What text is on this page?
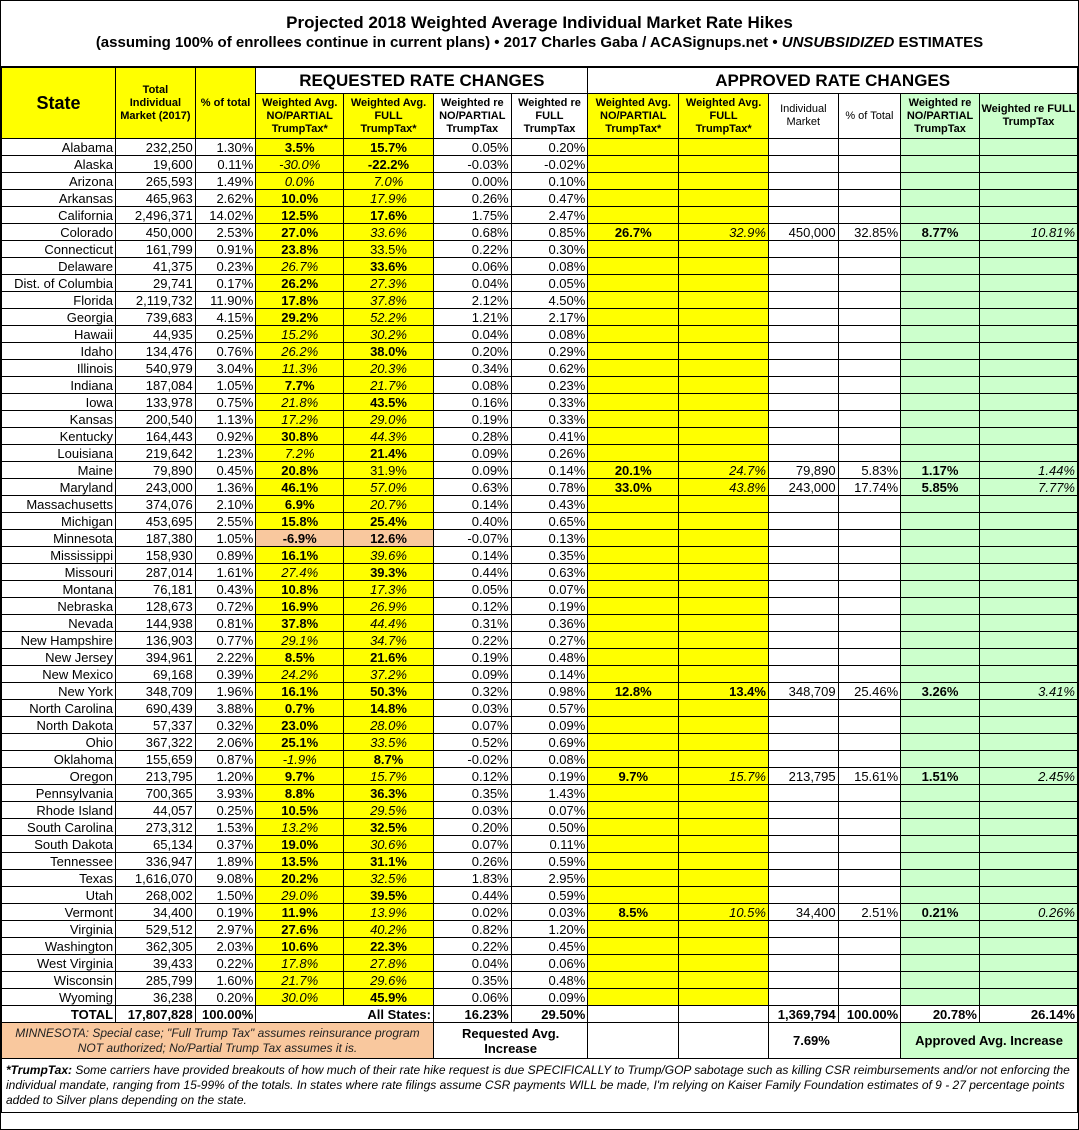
Projected 2018 Weighted Average Individual Market Rate Hikes
(assuming 100% of enrollees continue in current plans) • 2017 Charles Gaba / ACASignups.net • UNSUBSIDIZED ESTIMATES
State	Total Individual Market (2017)	% of total	REQUESTED RATE CHANGES				APPROVED RATE CHANGES					
			Weighted Avg. NO/PARTIAL TrumpTax*	Weighted Avg. FULL TrumpTax*	Weighted re NO/PARTIAL TrumpTax	Weighted re FULL TrumpTax	Weighted Avg. NO/PARTIAL TrumpTax*	Weighted Avg. FULL TrumpTax*	Individual Market	% of Total	Weighted re NO/PARTIAL TrumpTax	Weighted re FULL TrumpTax
Alabama	232,250	1.30%	3.5%	15.7%	0.05%	0.20%						
Alaska	19,600	0.11%	-30.0%	-22.2%	-0.03%	-0.02%						
Arizona	265,593	1.49%	0.0%	7.0%	0.00%	0.10%						
Arkansas	465,963	2.62%	10.0%	17.9%	0.26%	0.47%						
California	2,496,371	14.02%	12.5%	17.6%	1.75%	2.47%						
Colorado	450,000	2.53%	27.0%	33.6%	0.68%	0.85%	26.7%	32.9%	450,000	32.85%	8.77%	10.81%
Connecticut	161,799	0.91%	23.8%	33.5%	0.22%	0.30%						
Delaware	41,375	0.23%	26.7%	33.6%	0.06%	0.08%						
Dist. of Columbia	29,741	0.17%	26.2%	27.3%	0.04%	0.05%						
Florida	2,119,732	11.90%	17.8%	37.8%	2.12%	4.50%						
Georgia	739,683	4.15%	29.2%	52.2%	1.21%	2.17%						
Hawaii	44,935	0.25%	15.2%	30.2%	0.04%	0.08%						
Idaho	134,476	0.76%	26.2%	38.0%	0.20%	0.29%						
Illinois	540,979	3.04%	11.3%	20.3%	0.34%	0.62%						
Indiana	187,084	1.05%	7.7%	21.7%	0.08%	0.23%						
Iowa	133,978	0.75%	21.8%	43.5%	0.16%	0.33%						
Kansas	200,540	1.13%	17.2%	29.0%	0.19%	0.33%						
Kentucky	164,443	0.92%	30.8%	44.3%	0.28%	0.41%						
Louisiana	219,642	1.23%	7.2%	21.4%	0.09%	0.26%						
Maine	79,890	0.45%	20.8%	31.9%	0.09%	0.14%	20.1%	24.7%	79,890	5.83%	1.17%	1.44%
Maryland	243,000	1.36%	46.1%	57.0%	0.63%	0.78%	33.0%	43.8%	243,000	17.74%	5.85%	7.77%
Massachusetts	374,076	2.10%	6.9%	20.7%	0.14%	0.43%						
Michigan	453,695	2.55%	15.8%	25.4%	0.40%	0.65%						
Minnesota	187,380	1.05%	-6.9%	12.6%	-0.07%	0.13%						
Mississippi	158,930	0.89%	16.1%	39.6%	0.14%	0.35%						
Missouri	287,014	1.61%	27.4%	39.3%	0.44%	0.63%						
Montana	76,181	0.43%	10.8%	17.3%	0.05%	0.07%						
Nebraska	128,673	0.72%	16.9%	26.9%	0.12%	0.19%						
Nevada	144,938	0.81%	37.8%	44.4%	0.31%	0.36%						
New Hampshire	136,903	0.77%	29.1%	34.7%	0.22%	0.27%						
New Jersey	394,961	2.22%	8.5%	21.6%	0.19%	0.48%						
New Mexico	69,168	0.39%	24.2%	37.2%	0.09%	0.14%						
New York	348,709	1.96%	16.1%	50.3%	0.32%	0.98%	12.8%	13.4%	348,709	25.46%	3.26%	3.41%
North Carolina	690,439	3.88%	0.7%	14.8%	0.03%	0.57%						
North Dakota	57,337	0.32%	23.0%	28.0%	0.07%	0.09%						
Ohio	367,322	2.06%	25.1%	33.5%	0.52%	0.69%						
Oklahoma	155,659	0.87%	-1.9%	8.7%	-0.02%	0.08%						
Oregon	213,795	1.20%	9.7%	15.7%	0.12%	0.19%	9.7%	15.7%	213,795	15.61%	1.51%	2.45%
Pennsylvania	700,365	3.93%	8.8%	36.3%	0.35%	1.43%						
Rhode Island	44,057	0.25%	10.5%	29.5%	0.03%	0.07%						
South Carolina	273,312	1.53%	13.2%	32.5%	0.20%	0.50%						
South Dakota	65,134	0.37%	19.0%	30.6%	0.07%	0.11%						
Tennessee	336,947	1.89%	13.5%	31.1%	0.26%	0.59%						
Texas	1,616,070	9.08%	20.2%	32.5%	1.83%	2.95%						
Utah	268,002	1.50%	29.0%	39.5%	0.44%	0.59%						
Vermont	34,400	0.19%	11.9%	13.9%	0.02%	0.03%	8.5%	10.5%	34,400	2.51%	0.21%	0.26%
Virginia	529,512	2.97%	27.6%	40.2%	0.82%	1.20%						
Washington	362,305	2.03%	10.6%	22.3%	0.22%	0.45%						
West Virginia	39,433	0.22%	17.8%	27.8%	0.04%	0.06%						
Wisconsin	285,799	1.60%	21.7%	29.6%	0.35%	0.48%						
Wyoming	36,238	0.20%	30.0%	45.9%	0.06%	0.09%						
TOTAL	17,807,828	100.00%	All States:		16.23%	29.50%			1,369,794	100.00%	20.78%	26.14%
MINNESOTA: Special case; "Full Trump Tax" assumes reinsurance program NOT authorized; No/Partial Trump Tax assumes it is.					Requested Avg. Increase				7.69%		Approved Avg. Increase	
*TrumpTax: Some carriers have provided breakouts of how much of their rate hike request is due SPECIFICALLY to Trump/GOP sabotage such as killing CSR reimbursements and/or not enforcing the individual mandate, ranging from 15-99% of the totals. In states where rate filings assume CSR payments WILL be made, I'm relying on Kaiser Family Foundation estimates of 9 - 27 percentage points added to Silver plans depending on the state.												
